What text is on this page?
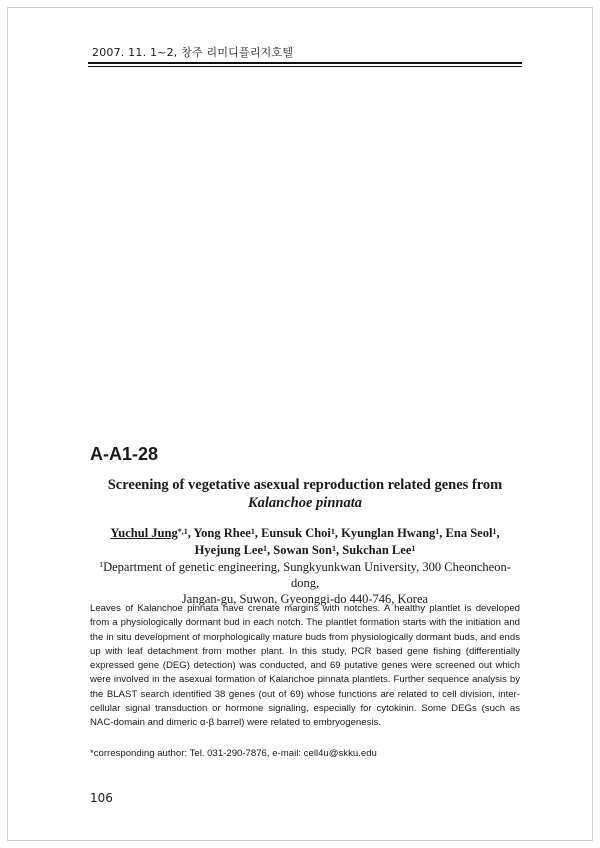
2007. 11. 1~2, 창주 리미디플리지호텔
A-A1-28
Screening of vegetative asexual reproduction related genes from
Kalanchoe pinnata
Yuchul Jung$^{*,1}$, Yong Rhee$^1$, Eunsuk Choi$^1$, Kyunglan Hwang$^1$, Ena Seol$^1$,
Hyejung Lee$^1$, Sowan Son$^1$, Sukchan Lee$^1$
$^1$Department of genetic engineering, Sungkyunkwan University, 300 Cheoncheon-dong,
Jangan-gu, Suwon, Gyeonggi-do 440-746, Korea
Leaves of Kalanchoe pinnata have crenate margins with notches. A healthy plantlet is developed from a physiologically dormant bud in each notch. The plantlet formation starts with the initiation and the in situ development of morphologically mature buds from physiologically dormant buds, and ends up with leaf detachment from mother plant. In this study, PCR based gene fishing (differentially expressed gene (DEG) detection) was conducted, and 69 putative genes were screened out which were involved in the asexual formation of Kalanchoe pinnata plantlets. Further sequence analysis by the BLAST search identified 38 genes (out of 69) whose functions are related to cell division, inter-cellular signal transduction or hormone signaling, especially for cytokinin. Some DEGs (such as NAC-domain and dimeric α-β barrel) were related to embryogenesis.
*corresponding author: Tel. 031-290-7876, e-mail: cell4u@skku.edu
106
